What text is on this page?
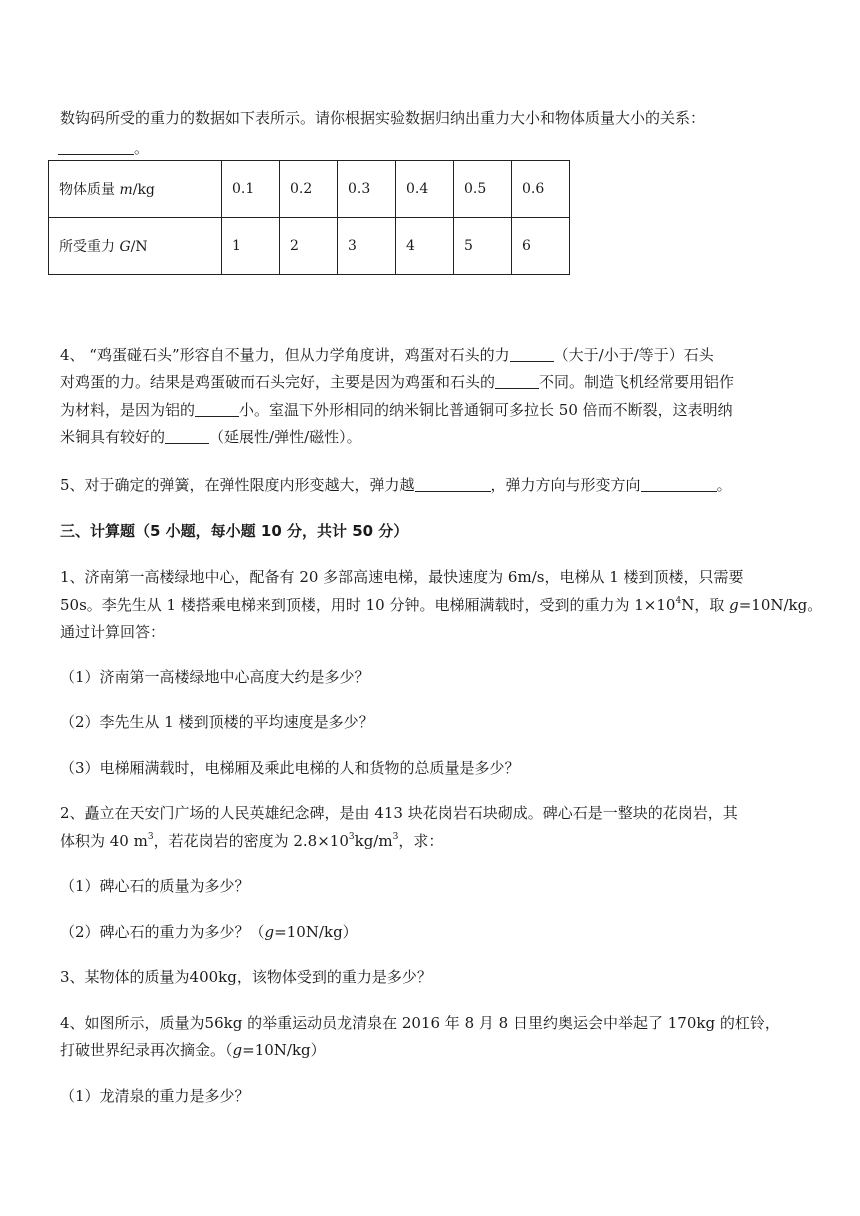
数钩码所受的重力的数据如下表所示。请你根据实验数据归纳出重力大小和物体质量大小的关系：
。
物体质量 m/kg	0.1	0.2	0.3	0.4	0.5	0.6
所受重力 G/N	1	2	3	4	5	6
4、 “鸡蛋碰石头”形容自不量力，但从力学角度讲，鸡蛋对石头的力	（大于/小于/等于）石头
对鸡蛋的力。结果是鸡蛋破而石头完好，主要是因为鸡蛋和石头的	不同。制造飞机经常要用铝作
为材料，是因为铝的	小。室温下外形相同的纳米铜比普通铜可多拉长 50 倍而不断裂，这表明纳
米铜具有较好的	（延展性/弹性/磁性）。
5、对于确定的弹簧，在弹性限度内形变越大，弹力越	，弹力方向与形变方向	。
三、计算题（5 小题，每小题 10 分，共计 50 分）
1、济南第一高楼绿地中心，配备有 20 多部高速电梯，最快速度为 6m/s，电梯从 1 楼到顶楼，只需要
50s。李先生从 1 楼搭乘电梯来到顶楼，用时 10 分钟。电梯厢满载时，受到的重力为 $1\times 10^4N$，取 g=10N/kg。
通过计算回答：
（1）济南第一高楼绿地中心高度大约是多少？
（2）李先生从 1 楼到顶楼的平均速度是多少？
（3）电梯厢满载时，电梯厢及乘此电梯的人和货物的总质量是多少？
2、矗立在天安门广场的人民英雄纪念碑，是由 413 块花岗岩石块砌成。碑心石是一整块的花岗岩，其
体积为 40 $m^3$，若花岗岩的密度为 $2.8\times 10^3kg/m^3$，求：
（1）碑心石的质量为多少？
（2）碑心石的重力为多少？（g=10N/kg）
3、某物体的质量为400kg，该物体受到的重力是多少？
4、如图所示，质量为56kg 的举重运动员龙清泉在 2016 年 8 月 8 日里约奥运会中举起了 170kg 的杠铃，
打破世界纪录再次摘金。（g=10N/kg）
（1）龙清泉的重力是多少？
